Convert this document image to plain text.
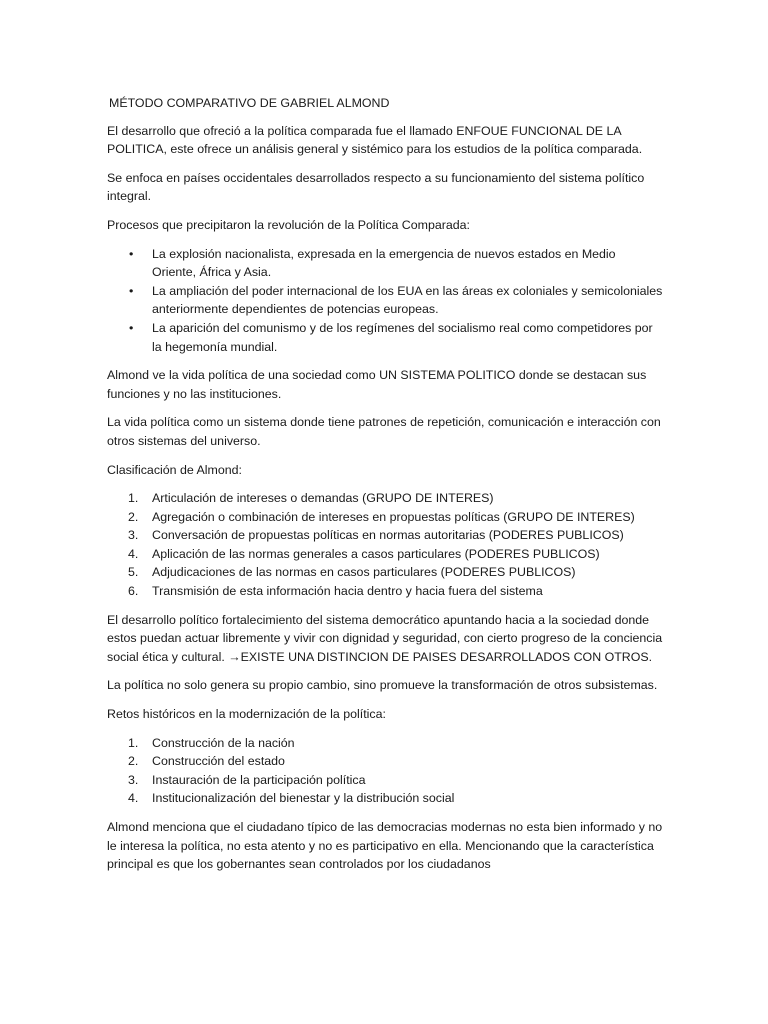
MÉTODO COMPARATIVO DE GABRIEL ALMOND

El desarrollo que ofreció a la política comparada fue el llamado ENFOUE FUNCIONAL DE LA POLITICA, este ofrece un análisis general y sistémico para los estudios de la política comparada.

Se enfoca en países occidentales desarrollados respecto a su funcionamiento del sistema político integral.

Procesos que precipitaron la revolución de la Política Comparada:

•	La explosión nacionalista, expresada en la emergencia de nuevos estados en Medio Oriente, África y Asia.
•	La ampliación del poder internacional de los EUA en las áreas ex coloniales y semicoloniales anteriormente dependientes de potencias europeas.
•	La aparición del comunismo y de los regímenes del socialismo real como competidores por la hegemonía mundial.

Almond ve la vida política de una sociedad como UN SISTEMA POLITICO donde se destacan sus funciones y no las instituciones.

La vida política como un sistema donde tiene patrones de repetición, comunicación e interacción con otros sistemas del universo.

Clasificación de Almond:

1.	Articulación de intereses o demandas (GRUPO DE INTERES)
2.	Agregación o combinación de intereses en propuestas políticas (GRUPO DE INTERES)
3.	Conversación de propuestas políticas en normas autoritarias (PODERES PUBLICOS)
4.	Aplicación de las normas generales a casos particulares (PODERES PUBLICOS)
5.	Adjudicaciones de las normas en casos particulares (PODERES PUBLICOS)
6.	Transmisión de esta información hacia dentro y hacia fuera del sistema

El desarrollo político fortalecimiento del sistema democrático apuntando hacia a la sociedad donde estos puedan actuar libremente y vivir con dignidad y seguridad, con cierto progreso de la conciencia social ética y cultural. →EXISTE UNA DISTINCION DE PAISES DESARROLLADOS CON OTROS.

La política no solo genera su propio cambio, sino promueve la transformación de otros subsistemas.

Retos históricos en la modernización de la política:

1.	Construcción de la nación
2.	Construcción del estado
3.	Instauración de la participación política
4.	Institucionalización del bienestar y la distribución social

Almond menciona que el ciudadano típico de las democracias modernas no esta bien informado y no le interesa la política, no esta atento y no es participativo en ella. Mencionando que la característica principal es que los gobernantes sean controlados por los ciudadanos
